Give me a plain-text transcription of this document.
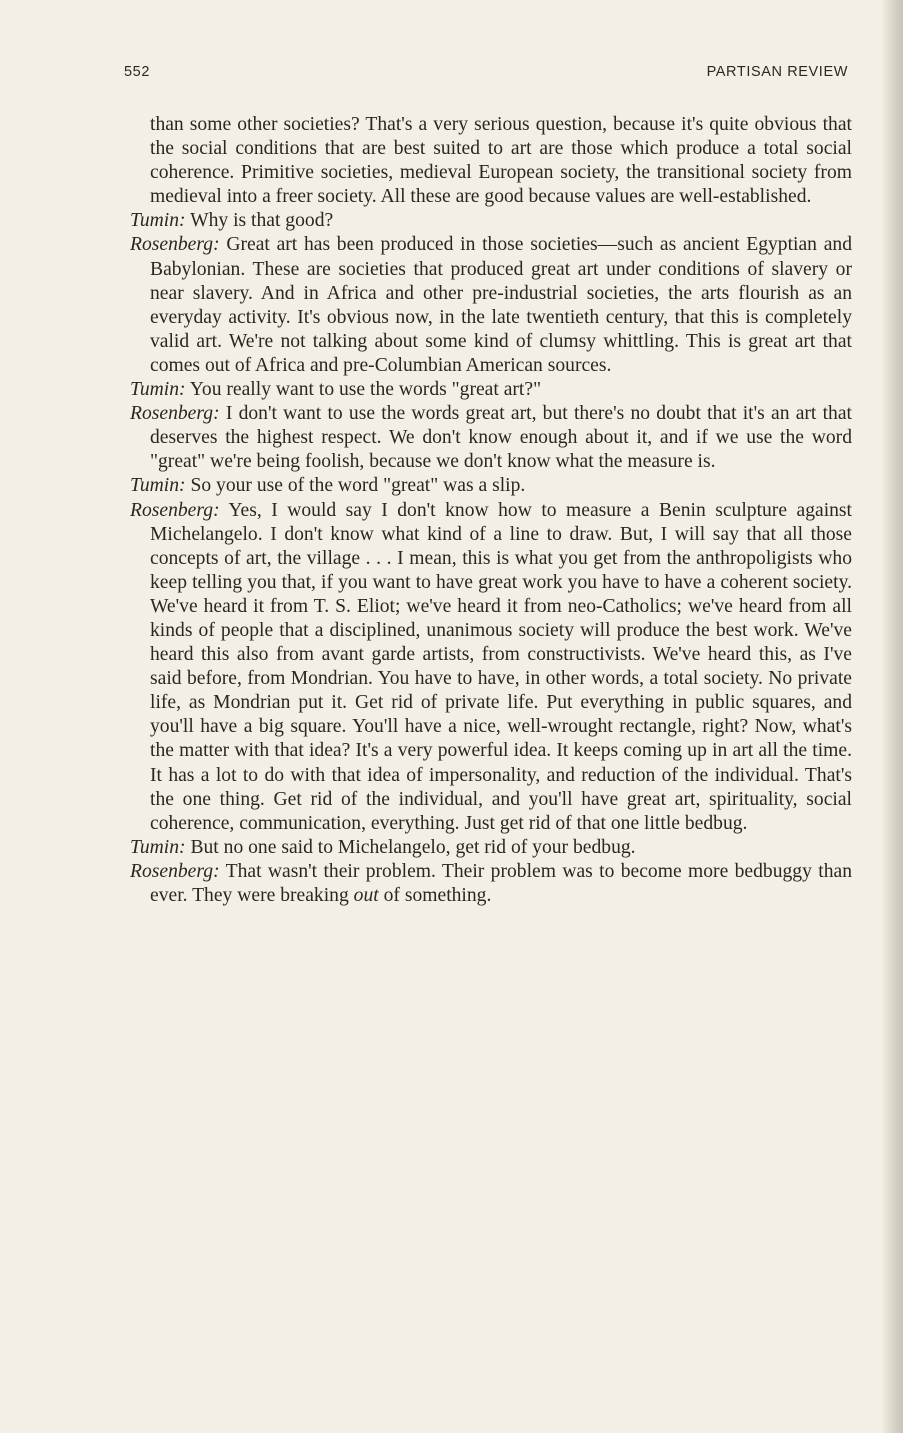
552	PARTISAN REVIEW

than some other societies? That's a very serious question, because it's quite obvious that the social conditions that are best suited to art are those which produce a total social coherence. Primitive societies, medieval European society, the transitional society from medieval into a freer society. All these are good because values are well-established.

Tumin: Why is that good?

Rosenberg: Great art has been produced in those societies—such as ancient Egyptian and Babylonian. These are societies that produced great art under conditions of slavery or near slavery. And in Africa and other pre-industrial societies, the arts flourish as an everyday activity. It's obvious now, in the late twentieth century, that this is completely valid art. We're not talking about some kind of clumsy whittling. This is great art that comes out of Africa and pre-Columbian American sources.

Tumin: You really want to use the words "great art?"

Rosenberg: I don't want to use the words great art, but there's no doubt that it's an art that deserves the highest respect. We don't know enough about it, and if we use the word "great" we're being foolish, because we don't know what the measure is.

Tumin: So your use of the word "great" was a slip.

Rosenberg: Yes, I would say I don't know how to measure a Benin sculpture against Michelangelo. I don't know what kind of a line to draw. But, I will say that all those concepts of art, the village . . . I mean, this is what you get from the anthropoligists who keep telling you that, if you want to have great work you have to have a coherent society. We've heard it from T. S. Eliot; we've heard it from neo-Catholics; we've heard from all kinds of people that a disciplined, unanimous society will produce the best work. We've heard this also from avant garde artists, from constructivists. We've heard this, as I've said before, from Mondrian. You have to have, in other words, a total society. No private life, as Mondrian put it. Get rid of private life. Put everything in public squares, and you'll have a big square. You'll have a nice, well-wrought rectangle, right? Now, what's the matter with that idea? It's a very powerful idea. It keeps coming up in art all the time. It has a lot to do with that idea of impersonality, and reduction of the individual. That's the one thing. Get rid of the individual, and you'll have great art, spirituality, social coherence, communication, everything. Just get rid of that one little bedbug.

Tumin: But no one said to Michelangelo, get rid of your bedbug.

Rosenberg: That wasn't their problem. Their problem was to become more bedbuggy than ever. They were breaking out of something.
